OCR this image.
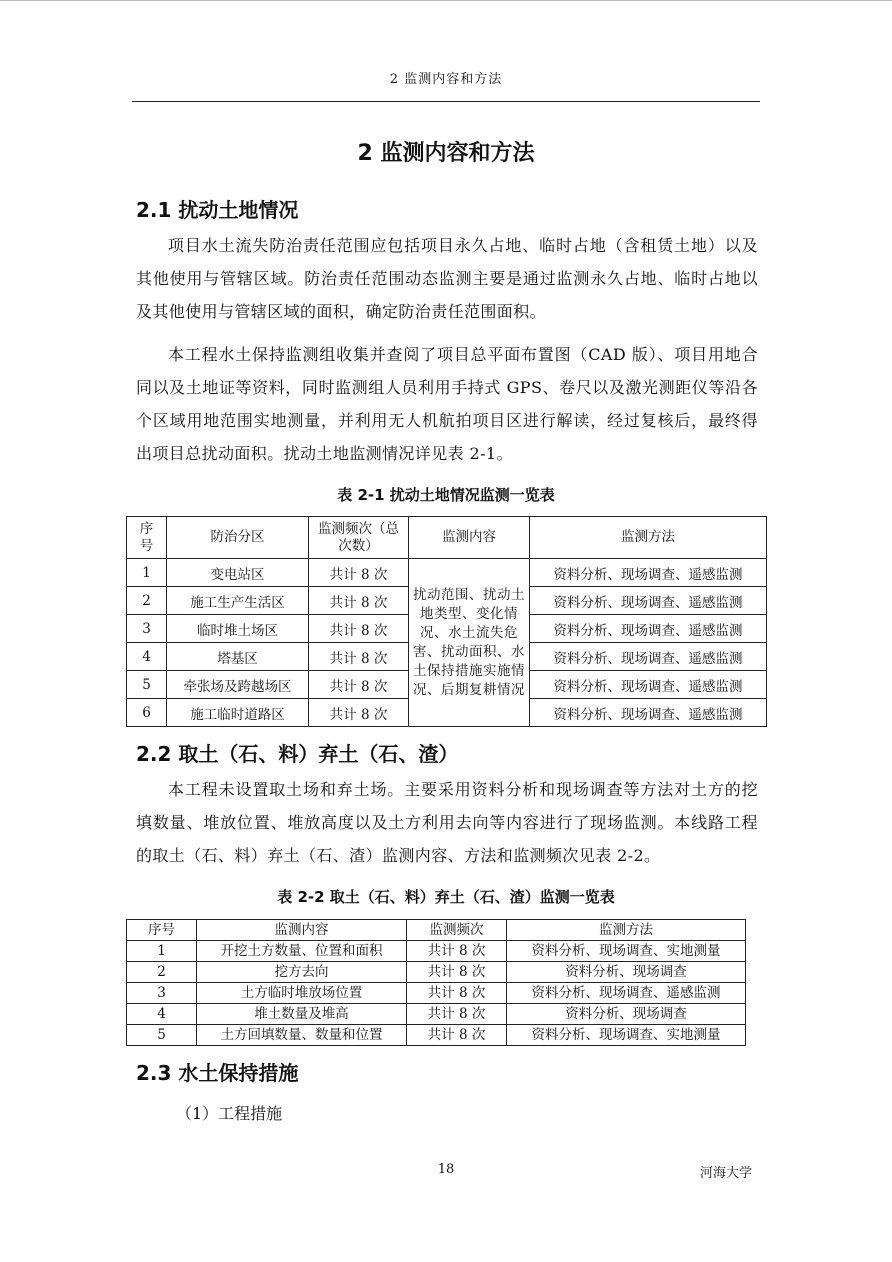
2 监测内容和方法
2 监测内容和方法
2.1 扰动土地情况

项目水土流失防治责任范围应包括项目永久占地、临时占地（含租赁土地）以及其他使用与管辖区域。防治责任范围动态监测主要是通过监测永久占地、临时占地以及其他使用与管辖区域的面积，确定防治责任范围面积。

本工程水土保持监测组收集并查阅了项目总平面布置图（CAD 版）、项目用地合同以及土地证等资料，同时监测组人员利用手持式 GPS、卷尺以及激光测距仪等沿各个区域用地范围实地测量，并利用无人机航拍项目区进行解读，经过复核后，最终得出项目总扰动面积。扰动土地监测情况详见表 2-1。

表 2-1 扰动土地情况监测一览表
序号	防治分区	监测频次（总次数）	监测内容	监测方法
1	变电站区	共计 8 次	扰动范围、扰动土地类型、变化情况、水土流失危害、扰动面积、水土保持措施实施情况、后期复耕情况	资料分析、现场调查、遥感监测
2	施工生产生活区	共计 8 次		资料分析、现场调查、遥感监测
3	临时堆土场区	共计 8 次		资料分析、现场调查、遥感监测
4	塔基区	共计 8 次		资料分析、现场调查、遥感监测
5	牵张场及跨越场区	共计 8 次		资料分析、现场调查、遥感监测
6	施工临时道路区	共计 8 次		资料分析、现场调查、遥感监测
2.2 取土（石、料）弃土（石、渣）

本工程未设置取土场和弃土场。主要采用资料分析和现场调查等方法对土方的挖填数量、堆放位置、堆放高度以及土方利用去向等内容进行了现场监测。本线路工程的取土（石、料）弃土（石、渣）监测内容、方法和监测频次见表 2-2。

表 2-2 取土（石、料）弃土（石、渣）监测一览表
序号	监测内容	监测频次	监测方法
1	开挖土方数量、位置和面积	共计 8 次	资料分析、现场调查、实地测量
2	挖方去向	共计 8 次	资料分析、现场调查
3	土方临时堆放场位置	共计 8 次	资料分析、现场调查、遥感监测
4	堆土数量及堆高	共计 8 次	资料分析、现场调查
5	土方回填数量、数量和位置	共计 8 次	资料分析、现场调查、实地测量
2.3 水土保持措施
（1）工程措施
18	河海大学
